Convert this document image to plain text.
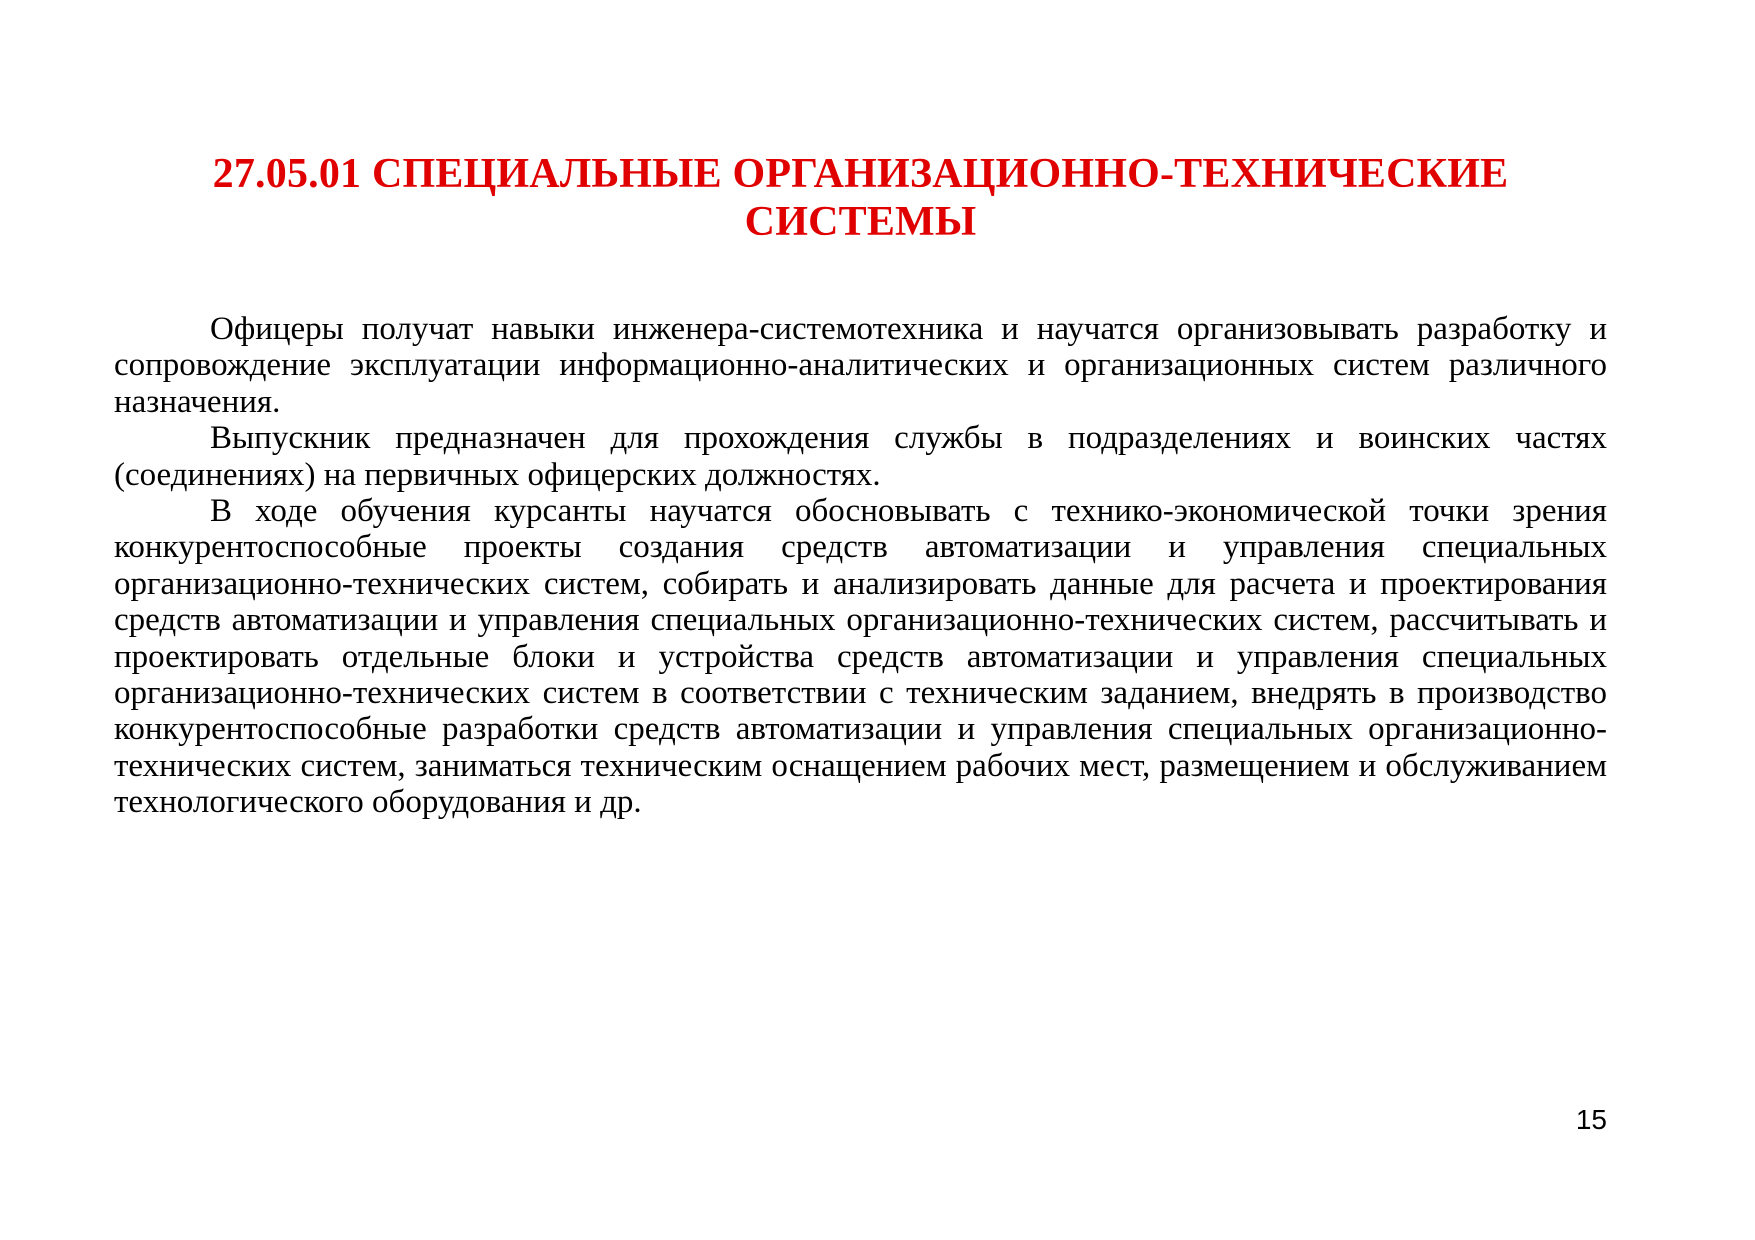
27.05.01 СПЕЦИАЛЬНЫЕ ОРГАНИЗАЦИОННО-ТЕХНИЧЕСКИЕ СИСТЕМЫ

Офицеры получат навыки инженера-системотехника и научатся организовывать разработку и сопровождение эксплуатации информационно-аналитических и организационных систем различного назначения.

Выпускник предназначен для прохождения службы в подразделениях и воинских частях (соединениях) на первичных офицерских должностях.

В ходе обучения курсанты научатся обосновывать с технико-экономической точки зрения конкурентоспособные проекты создания средств автоматизации и управления специальных организационно-технических систем, собирать и анализировать данные для расчета и проектирования средств автоматизации и управления специальных организационно-технических систем, рассчитывать и проектировать отдельные блоки и устройства средств автоматизации и управления специальных организационно-технических систем в соответствии с техническим заданием, внедрять в производство конкурентоспособные разработки средств автоматизации и управления специальных организационно-технических систем, заниматься техническим оснащением рабочих мест, размещением и обслуживанием технологического оборудования и др.

15
